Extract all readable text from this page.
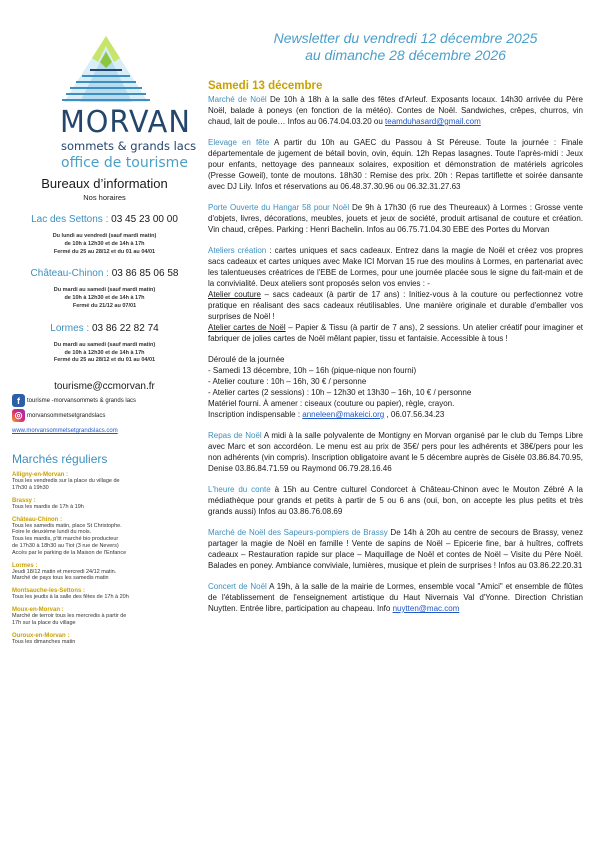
MORVAN
sommets & grands lacs
office de tourisme
Bureaux d’information
Nos horaires
Lac des Settons : 03 45 23 00 00
Du lundi au vendredi (sauf mardi matin)
de 10h à 12h30 et de 14h à 17h
Fermé du 25 au 28/12 et du 01 au 04/01
Château-Chinon : 03 86 85 06 58
Du mardi au samedi (sauf mardi matin)
de 10h à 12h30 et de 14h à 17h
Fermé du 21/12 au 07/01
Lormes : 03 86 22 82 74
Du mardi au samedi (sauf mardi matin)
de 10h à 12h30 et de 14h à 17h
Fermé du 25 au 28/12 et du 01 au 04/01
tourisme@ccmorvan.fr
f	tourisme -morvansommets & grands lacs
◎ morvansommetsetgrandslacs
www.morvansommetsetgrandslacs.com
Marchés réguliers
Alligny-en-Morvan :
Tous les vendredis sur la place du village de
17h30 à 19h30
Brassy :
Tous les mardis de 17h à 19h
Château-Chinon :
Tous les samedis matin, place St Christophe.
Foire le deuxième lundi du mois.
Tous les mardis, p'tit marché bio producteur
de 17h30 à 18h30 au Tiot (3 rue de Nevers)
Accès par le parking de la Maison de l'Enfance
Lormes :
Jeudi 18/12 matin et mercredi 24/12 matin.
Marché de pays tous les samedis matin
Montsauche-les-Settons :
Tous les jeudis à la salle des fêtes de 17h à 20h
Moux-en-Morvan :
Marché de terroir tous les mercredis à partir de
17h sur la place du village
Ouroux-en-Morvan :
Tous les dimanches matin
Newsletter du vendredi 12 décembre 2025
au dimanche 28 décembre 2026
Samedi 13 décembre
Marché de Noël De 10h à 18h à la salle des fêtes d'Arleuf. Exposants locaux. 14h30 arrivée du Père Noël, balade à poneys (en fonction de la météo). Contes de Noël. Sandwiches, crêpes, churros, vin chaud, lait de poule… Infos au 06.74.04.03.20 ou teamduhasard@gmail.com
Elevage en fête A partir du 10h au GAEC du Passou à St Péreuse. Toute la journée : Finale départementale de jugement de bétail bovin, ovin, équin. 12h Repas lasagnes. Toute l'après-midi : Jeux pour enfants, nettoyage des panneaux solaires, exposition et démonstration de matériels agricoles (Presse Goweil), tonte de moutons. 18h30 : Remise des prix. 20h : Repas tartiflette et soirée dansante avec DJ Lily. Infos et réservations au 06.48.37.30.96 ou 06.32.31.27.63
Porte Ouverte du Hangar 58 pour Noël De 9h à 17h30 (6 rue des Theureaux) à Lormes : Grosse vente d'objets, livres, décorations, meubles, jouets et jeux de société, produit artisanal de couture et création. Vin chaud, crêpes. Parking : Henri Bachelin. Infos au 06.75.71.04.30 EBE des Portes du Morvan
Ateliers création : cartes uniques et sacs cadeaux. Entrez dans la magie de Noël et créez vos propres sacs cadeaux et cartes uniques avec Make ICI Morvan 15 rue des moulins à Lormes, en partenariat avec les talentueuses créatrices de l'EBE de Lormes, pour une journée placée sous le signe du fait-main et de la convivialité. Deux ateliers sont proposés selon vos envies : -
Atelier couture – sacs cadeaux (à partir de 17 ans) : Initiez-vous à la couture ou perfectionnez votre pratique en réalisant des sacs cadeaux réutilisables. Une manière originale et durable d'emballer vos surprises de Noël !
Atelier cartes de Noël – Papier & Tissu (à partir de 7 ans), 2 sessions. Un atelier créatif pour imaginer et fabriquer de jolies cartes de Noël mêlant papier, tissu et fantaisie. Accessible à tous !
Déroulé de la journée
- Samedi 13 décembre, 10h – 16h (pique-nique non fourni)
- Atelier couture : 10h – 16h, 30 € / personne
- Atelier cartes (2 sessions) : 10h – 12h30 et 13h30 – 16h, 10 € / personne
Matériel fourni. À amener : ciseaux (couture ou papier), règle, crayon.
Inscription indispensable : anneleen@makeici.org , 06.07.56.34.23
Repas de Noël A midi à la salle polyvalente de Montigny en Morvan organisé par le club du Temps Libre avec Marc et son accordéon. Le menu est au prix de 35€/ pers pour les adhérents et 38€/pers pour les non adhérents (vin compris). Inscription obligatoire avant le 5 décembre auprès de Gisèle 03.86.84.70.95, Denise 03.86.84.71.59 ou Raymond 06.79.28.16.46
L'heure du conte à 15h au Centre culturel Condorcet à Château-Chinon avec le Mouton Zébré A la médiathèque pour grands et petits à partir de 5 ou 6 ans (oui, bon, on accepte les plus petits et très grands aussi) Infos au 03.86.76.08.69
Marché de Noël des Sapeurs-pompiers de Brassy De 14h à 20h au centre de secours de Brassy, venez partager la magie de Noël en famille ! Vente de sapins de Noël – Epicerie fine, bar à huîtres, coffrets cadeaux – Restauration rapide sur place – Maquillage de Noël et contes de Noël – Visite du Père Noël. Balades en poney. Ambiance conviviale, lumières, musique et plein de surprises ! Infos au 03.86.22.20.31
Concert de Noël A 19h, à la salle de la mairie de Lormes, ensemble vocal "Amici" et ensemble de flûtes de l'établissement de l'enseignement artistique du Haut Nivernais Val d'Yonne. Direction Christian Nuytten. Entrée libre, participation au chapeau. Info nuytten@mac.com
